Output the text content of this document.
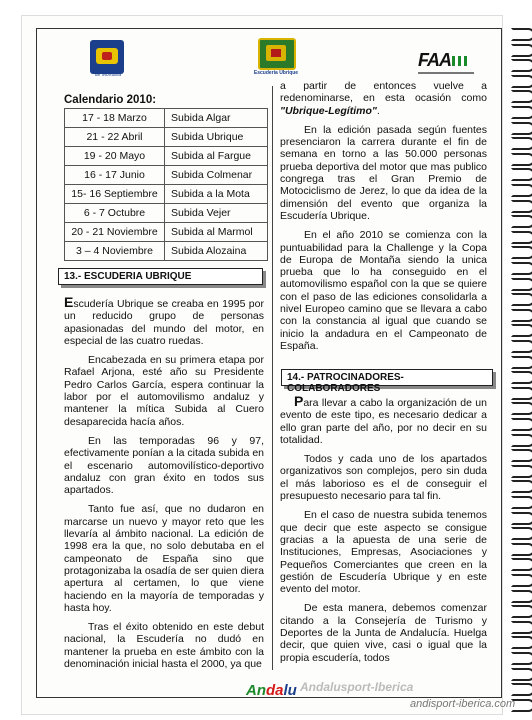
de Montaña	Escudería Ubrique
FAA
Calendario 2010:
17 - 18 Marzo	Subida Algar
21 - 22 Abril	Subida Ubrique
19 - 20 Mayo	Subida al Fargue
16 - 17 Junio	Subida Colmenar
15- 16 Septiembre	Subida a la Mota
6 - 7 Octubre	Subida Vejer
20 - 21 Noviembre	Subida al Marmol
3 – 4 Noviembre	Subida Alozaina
13.- ESCUDERIA UBRIQUE

Escudería Ubrique se creaba en 1995 por un reducido grupo de personas apasionadas del mundo del motor, en especial de las cuatro ruedas.

Encabezada en su primera etapa por Rafael Arjona, esté año su Presidente Pedro Carlos García, espera continuar la labor por el automovilismo andaluz y mantener la mítica Subida al Cuero desaparecida hacía años.

En las temporadas 96 y 97, efectivamente ponían a la citada subida en el escenario automovilístico-deportivo andaluz con gran éxito en todos sus apartados.

Tanto fue así, que no dudaron en marcarse un nuevo y mayor reto que les llevaría al ámbito nacional. La edición de 1998 era la que, no solo debutaba en el campeonato de España sino que protagonizaba la osadía de ser quien diera apertura al certamen, lo que viene haciendo en la mayoría de temporadas y hasta hoy.

Tras el éxito obtenido en este debut nacional, la Escudería no dudó en mantener la prueba en este ámbito con la denominación inicial hasta el 2000, ya que

a partir de entonces vuelve a redenominarse, en esta ocasión como "Ubrique-Legítimo".

En la edición pasada según fuentes presenciaron la carrera durante el fin de semana en torno a las 50.000 personas prueba deportiva del motor que mas publico congrega tras el Gran Premio de Motociclismo de Jerez, lo que da idea de la dimensión del evento que organiza la Escudería Ubrique.

En el año 2010 se comienza con la puntuabilidad para la Challenge y la Copa de Europa de Montaña siendo la unica prueba que lo ha conseguido en el automovilismo español con la que se quiere con el paso de las ediciones consolidarla a nivel Europeo camino que se llevara a cabo con la constancia al igual que cuando se inicio la andadura en el Campeonato de España.

14.- PATROCINADORES-COLABORADORES

Para llevar a cabo la organización de un evento de este tipo, es necesario dedicar a ello gran parte del año, por no decir en su totalidad.

Todos y cada uno de los apartados organizativos son complejos, pero sin duda el más laborioso es el de conseguir el presupuesto necesario para tal fin.

En el caso de nuestra subida tenemos que decir que este aspecto se consigue gracias a la apuesta de una serie de Instituciones, Empresas, Asociaciones y Pequeños Comerciantes que creen en la gestión de Escudería Ubrique y en este evento del motor.

De esta manera, debemos comenzar citando a la Consejería de Turismo y Deportes de la Junta de Andalucía. Huelga decir, que quien vive, casi o igual que la propia escudería, todos

Andalu Andalusport-Iberica
andisport-iberica.com
